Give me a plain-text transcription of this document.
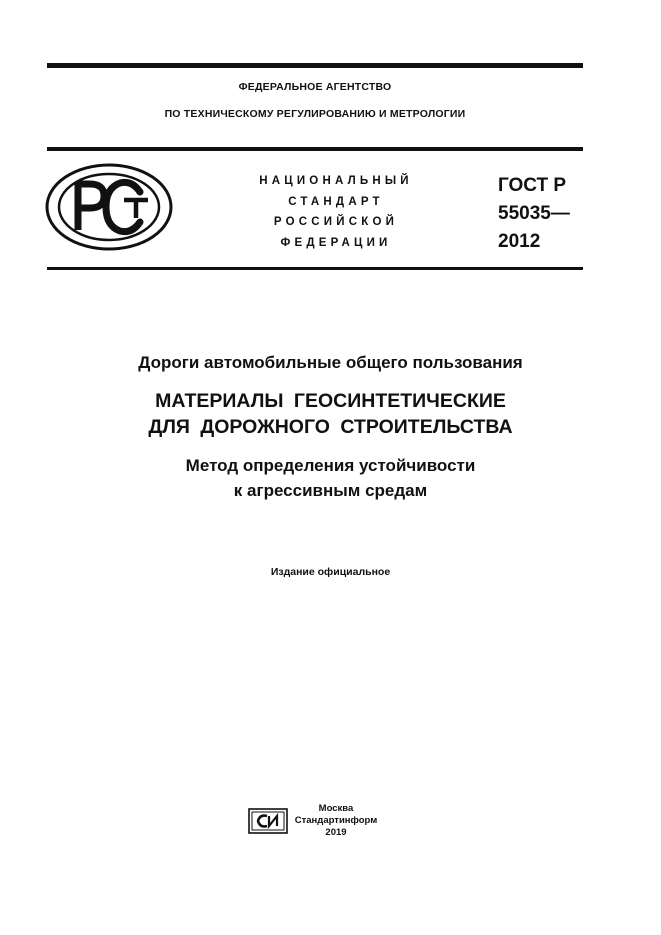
ФЕДЕРАЛЬНОЕ АГЕНТСТВО
ПО ТЕХНИЧЕСКОМУ РЕГУЛИРОВАНИЮ И МЕТРОЛОГИИ
НАЦИОНАЛЬНЫЙ
СТАНДАРТ
РОССИЙСКОЙ
ФЕДЕРАЦИИ
ГОСТ Р
55035—
2012
Дороги автомобильные общего пользования
МАТЕРИАЛЫ ГЕОСИНТЕТИЧЕСКИЕ
ДЛЯ ДОРОЖНОГО СТРОИТЕЛЬСТВА
Метод определения устойчивости
к агрессивным средам
Издание официальное
Москва
Стандартинформ
2019
